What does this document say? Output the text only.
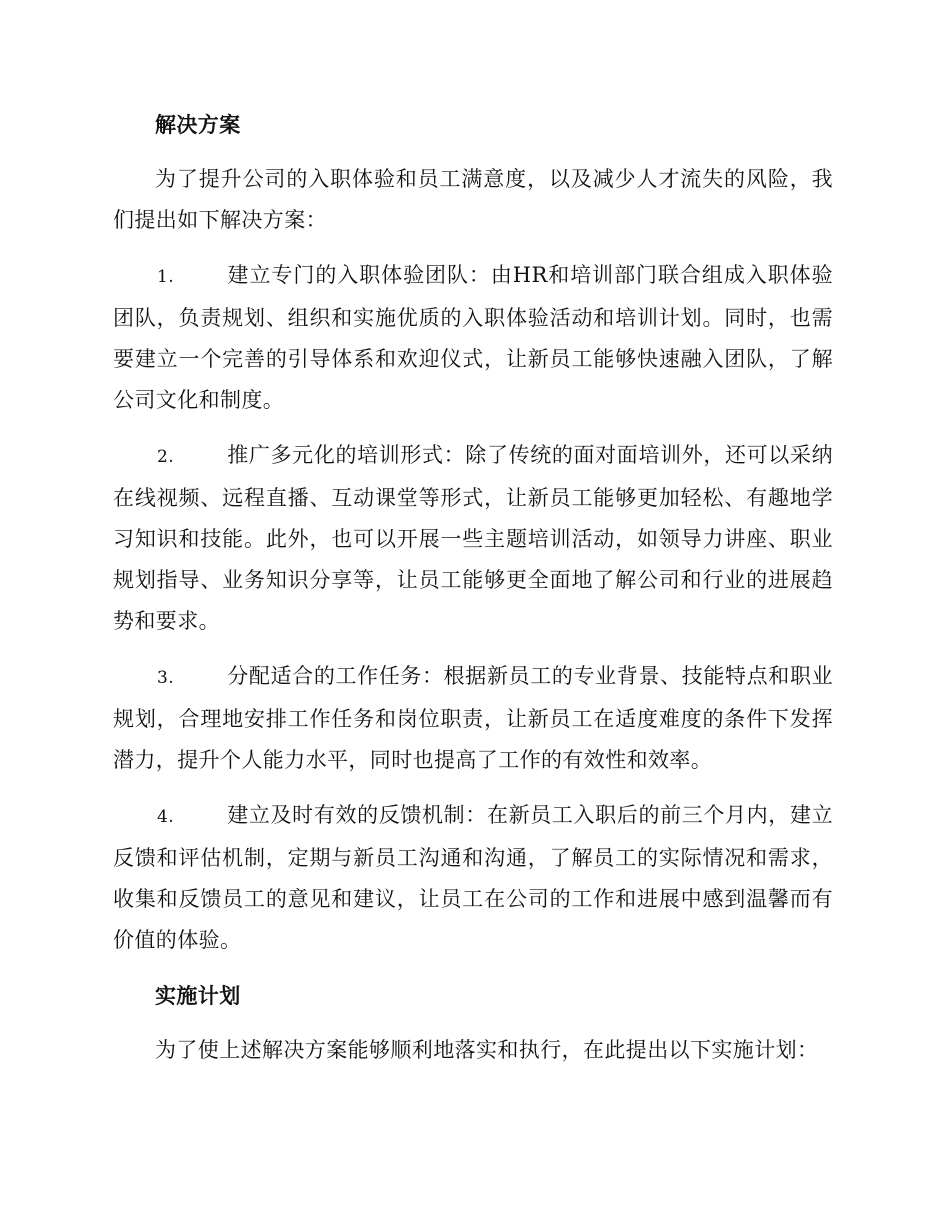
解决方案

为了提升公司的入职体验和员工满意度，以及减少人才流失的风险，我们提出如下解决方案：

1.	建立专门的入职体验团队：由HR和培训部门联合组成入职体验团队，负责规划、组织和实施优质的入职体验活动和培训计划。同时，也需要建立一个完善的引导体系和欢迎仪式，让新员工能够快速融入团队，了解公司文化和制度。
2.	推广多元化的培训形式：除了传统的面对面培训外，还可以采纳在线视频、远程直播、互动课堂等形式，让新员工能够更加轻松、有趣地学习知识和技能。此外，也可以开展一些主题培训活动，如领导力讲座、职业规划指导、业务知识分享等，让员工能够更全面地了解公司和行业的进展趋势和要求。
3.	分配适合的工作任务：根据新员工的专业背景、技能特点和职业规划，合理地安排工作任务和岗位职责，让新员工在适度难度的条件下发挥潜力，提升个人能力水平，同时也提高了工作的有效性和效率。
4.	建立及时有效的反馈机制：在新员工入职后的前三个月内，建立反馈和评估机制，定期与新员工沟通和沟通，了解员工的实际情况和需求，收集和反馈员工的意见和建议，让员工在公司的工作和进展中感到温馨而有价值的体验。

实施计划

为了使上述解决方案能够顺利地落实和执行，在此提出以下实施计划：
